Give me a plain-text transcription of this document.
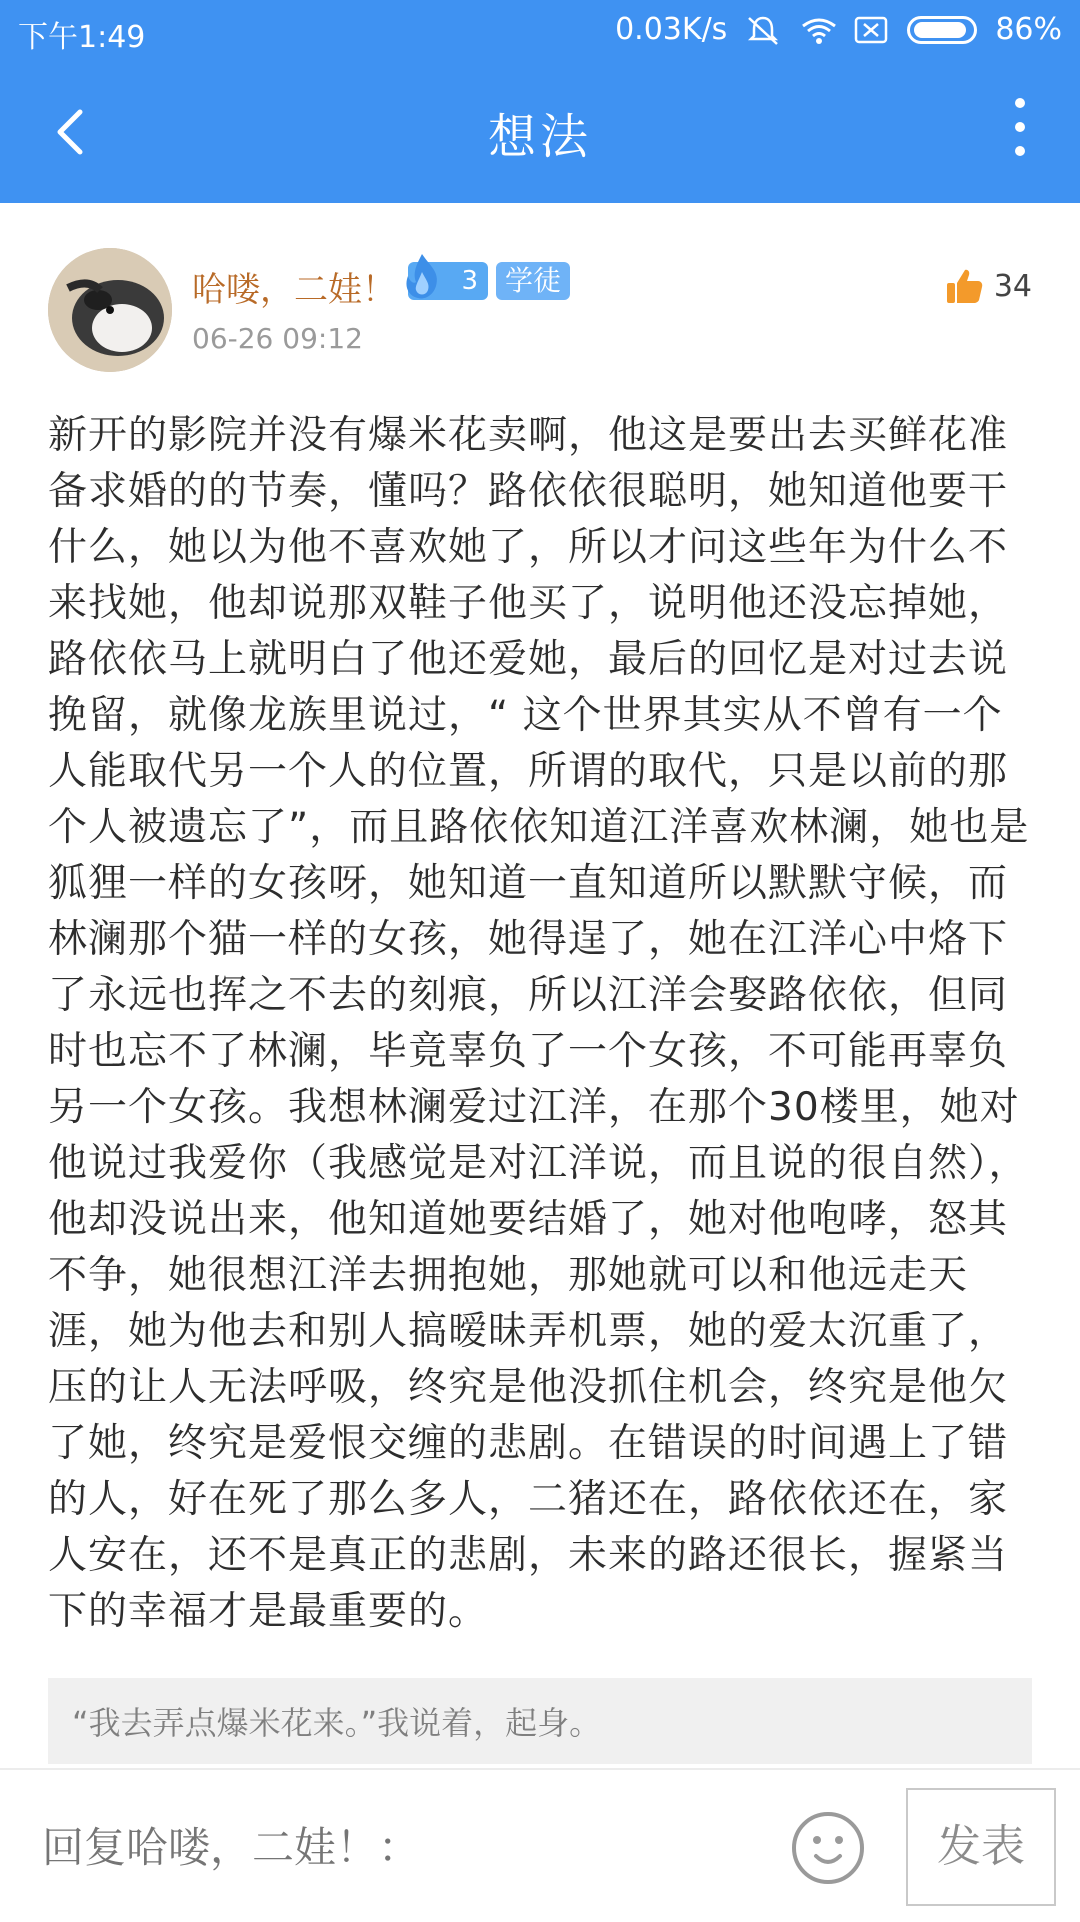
下午1:49	0.03K/s	86%
想法
哈喽，二娃！	3 学徒
06-26 09:12
34
新开的影院并没有爆米花卖啊，他这是要出去买鲜花准备求婚的的节奏，懂吗？路依依很聪明，她知道他要干什么，她以为他不喜欢她了，所以才问这些年为什么不来找她，他却说那双鞋子他买了，说明他还没忘掉她，路依依马上就明白了他还爱她，最后的回忆是对过去说挽留，就像龙族里说过，“ 这个世界其实从不曾有一个人能取代另一个人的位置，所谓的取代，只是以前的那个人被遗忘了”，而且路依依知道江洋喜欢林澜，她也是狐狸一样的女孩呀，她知道一直知道所以默默守候，而林澜那个猫一样的女孩，她得逞了，她在江洋心中烙下了永远也挥之不去的刻痕，所以江洋会娶路依依，但同时也忘不了林澜，毕竟辜负了一个女孩，不可能再辜负另一个女孩。我想林澜爱过江洋，在那个30楼里，她对他说过我爱你（我感觉是对江洋说，而且说的很自然），他却没说出来，他知道她要结婚了，她对他咆哮，怒其不争，她很想江洋去拥抱她，那她就可以和他远走天涯，她为他去和别人搞暧昧弄机票，她的爱太沉重了，压的让人无法呼吸，终究是他没抓住机会，终究是他欠了她，终究是爱恨交缠的悲剧。在错误的时间遇上了错的人，好在死了那么多人，二猪还在，路依依还在，家人安在，还不是真正的悲剧，未来的路还很长，握紧当下的幸福才是最重要的。
“我去弄点爆米花来。”我说着，起身。
回复哈喽，二娃！：
发表
